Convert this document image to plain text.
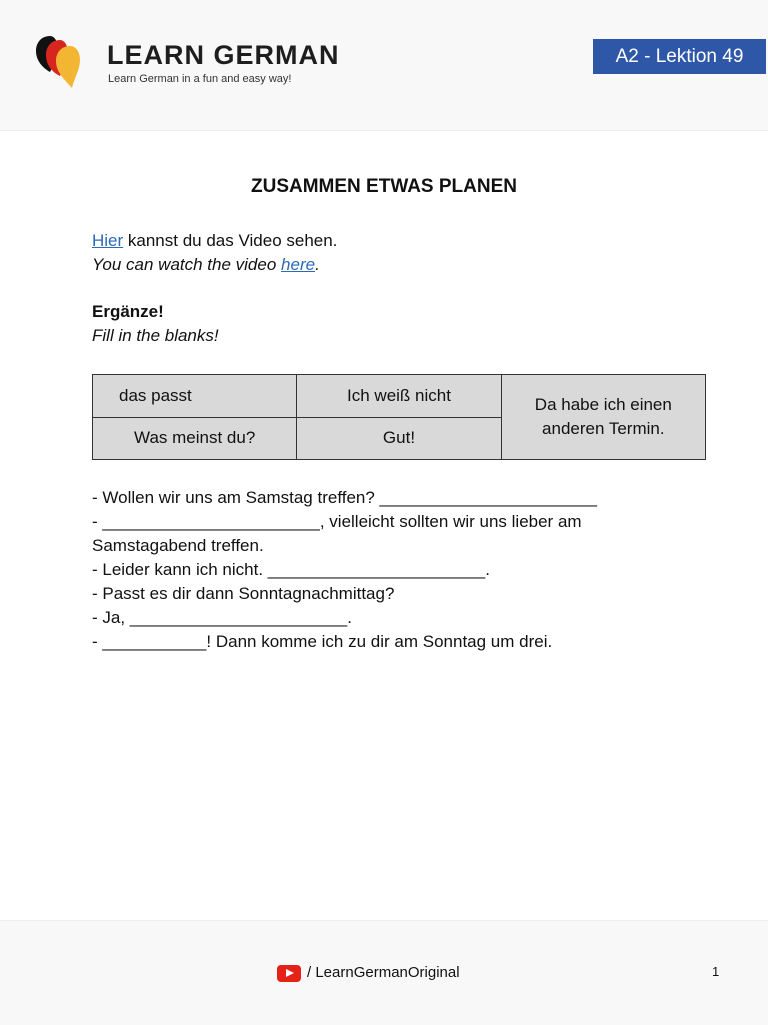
LEARN GERMAN
Learn German in a fun and easy way!
A2 - Lektion 49
ZUSAMMEN ETWAS PLANEN
Hier kannst du das Video sehen.
You can watch the video here.
Ergänze!
Fill in the blanks!
das passt	Ich weiß nicht	Da habe ich einen anderen Termin.
Was meinst du?	Gut!	
- Wollen wir uns am Samstag treffen? _______________________
- _______________________, vielleicht sollten wir uns lieber am
Samstagabend treffen.
- Leider kann ich nicht. _______________________.
- Passt es dir dann Sonntagnachmittag?
- Ja, _______________________.
- ___________! Dann komme ich zu dir am Sonntag um drei.
/ LearnGermanOriginal	1
